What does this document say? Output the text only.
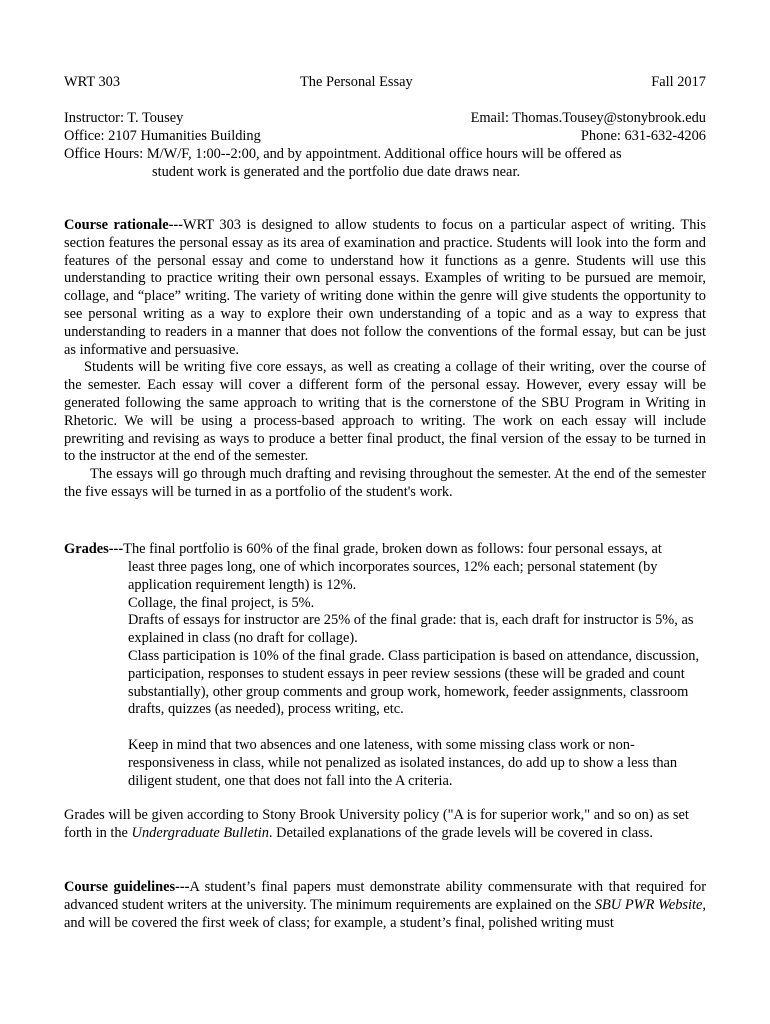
WRT 303	The Personal Essay	Fall 2017
Instructor: T. Tousey	Email: Thomas.Tousey@stonybrook.edu
Office: 2107 Humanities Building	Phone: 631-632-4206
Office Hours: M/W/F, 1:00--2:00, and by appointment. Additional office hours will be offered as
student work is generated and the portfolio due date draws near.

Course rationale---WRT 303 is designed to allow students to focus on a particular aspect of writing. This section features the personal essay as its area of examination and practice. Students will look into the form and features of the personal essay and come to understand how it functions as a genre. Students will use this understanding to practice writing their own personal essays. Examples of writing to be pursued are memoir, collage, and “place” writing. The variety of writing done within the genre will give students the opportunity to see personal writing as a way to explore their own understanding of a topic and as a way to express that understanding to readers in a manner that does not follow the conventions of the formal essay, but can be just as informative and persuasive.

Students will be writing five core essays, as well as creating a collage of their writing, over the course of the semester. Each essay will cover a different form of the personal essay. However, every essay will be generated following the same approach to writing that is the cornerstone of the SBU Program in Writing in Rhetoric. We will be using a process-based approach to writing. The work on each essay will include prewriting and revising as ways to produce a better final product, the final version of the essay to be turned in to the instructor at the end of the semester.

The essays will go through much drafting and revising throughout the semester. At the end of the semester the five essays will be turned in as a portfolio of the student's work.

Grades---The final portfolio is 60% of the final grade, broken down as follows: four personal essays, at

least three pages long, one of which incorporates sources, 12% each; personal statement (by application requirement length) is 12%.

Collage, the final project, is 5%.

Drafts of essays for instructor are 25% of the final grade: that is, each draft for instructor is 5%, as explained in class (no draft for collage).

Class participation is 10% of the final grade. Class participation is based on attendance, discussion, participation, responses to student essays in peer review sessions (these will be graded and count substantially), other group comments and group work, homework, feeder assignments, classroom drafts, quizzes (as needed), process writing, etc.

Keep in mind that two absences and one lateness, with some missing class work or non-responsiveness in class, while not penalized as isolated instances, do add up to show a less than diligent student, one that does not fall into the A criteria.

Grades will be given according to Stony Brook University policy ("A is for superior work," and so on) as set forth in the Undergraduate Bulletin. Detailed explanations of the grade levels will be covered in class.

Course guidelines---A student’s final papers must demonstrate ability commensurate with that required for advanced student writers at the university. The minimum requirements are explained on the SBU PWR Website, and will be covered the first week of class; for example, a student’s final, polished writing must
